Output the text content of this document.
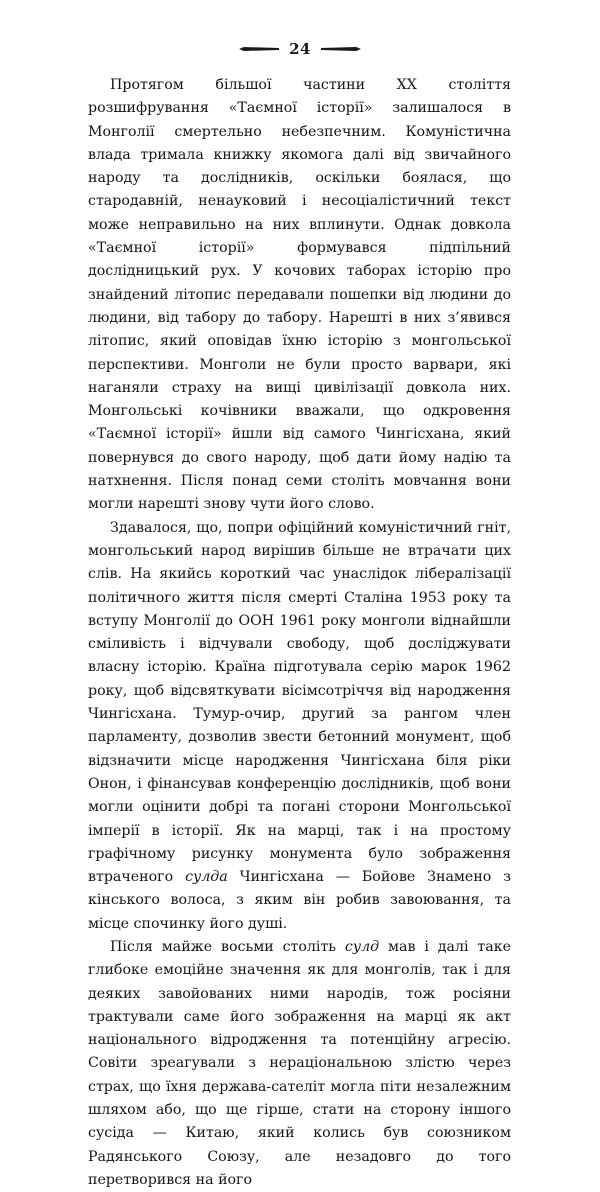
24

Протягом більшої частини XX століття розшифрування «Таємної історії» залишалося в Монголії смертельно небезпечним. Комуністична влада тримала книжку якомога далі від звичайного народу та дослідників, оскільки боялася, що стародавній, ненауковий і несоціалістичний текст може неправильно на них вплинути. Однак довкола «Таємної історії» формувався підпільний дослідницький рух. У кочових таборах історію про знайдений літопис передавали пошепки від людини до людини, від табору до табору. Нарешті в них з’явився літопис, який оповідав їхню історію з монгольської перспективи. Монголи не були просто варвари, які наганяли страху на вищі цивілізації довкола них. Монгольські кочівники вважали, що одкровення «Таємної історії» йшли від самого Чингісхана, який повернувся до свого народу, щоб дати йому надію та натхнення. Після понад семи століть мовчання вони могли нарешті знову чути його слово.

Здавалося, що, попри офіційний комуністичний гніт, монгольський народ вирішив більше не втрачати цих слів. На якийсь короткий час унаслідок лібералізації політичного життя після смерті Сталіна 1953 року та вступу Монголії до ООН 1961 року монголи віднайшли сміливість і відчували свободу, щоб досліджувати власну історію. Країна підготувала серію марок 1962 року, щоб відсвяткувати вісімсотріччя від народження Чингісхана. Тумур-очир, другий за рангом член парламенту, дозволив звести бетонний монумент, щоб відзначити місце народження Чингісхана біля ріки Онон, і фінансував конференцію дослідників, щоб вони могли оцінити добрі та погані сторони Монгольської імперії в історії. Як на марці, так і на простому графічному рисунку монумента було зображення втраченого сулда Чингісхана — Бойове Знамено з кінського волоса, з яким він робив завоювання, та місце спочинку його душі.

Після майже восьми століть сулд мав і далі таке глибоке емоційне значення як для монголів, так і для деяких завойованих ними народів, тож росіяни трактували саме його зображення на марці як акт національного відродження та потенційну агресію. Совіти зреагували з нераціональною злістю через страх, що їхня держава-сателіт могла піти незалежним шляхом або, що ще гірше, стати на сторону іншого сусіда — Китаю, який колись був союзником Радянського Союзу, але незадовго до того перетворився на його
